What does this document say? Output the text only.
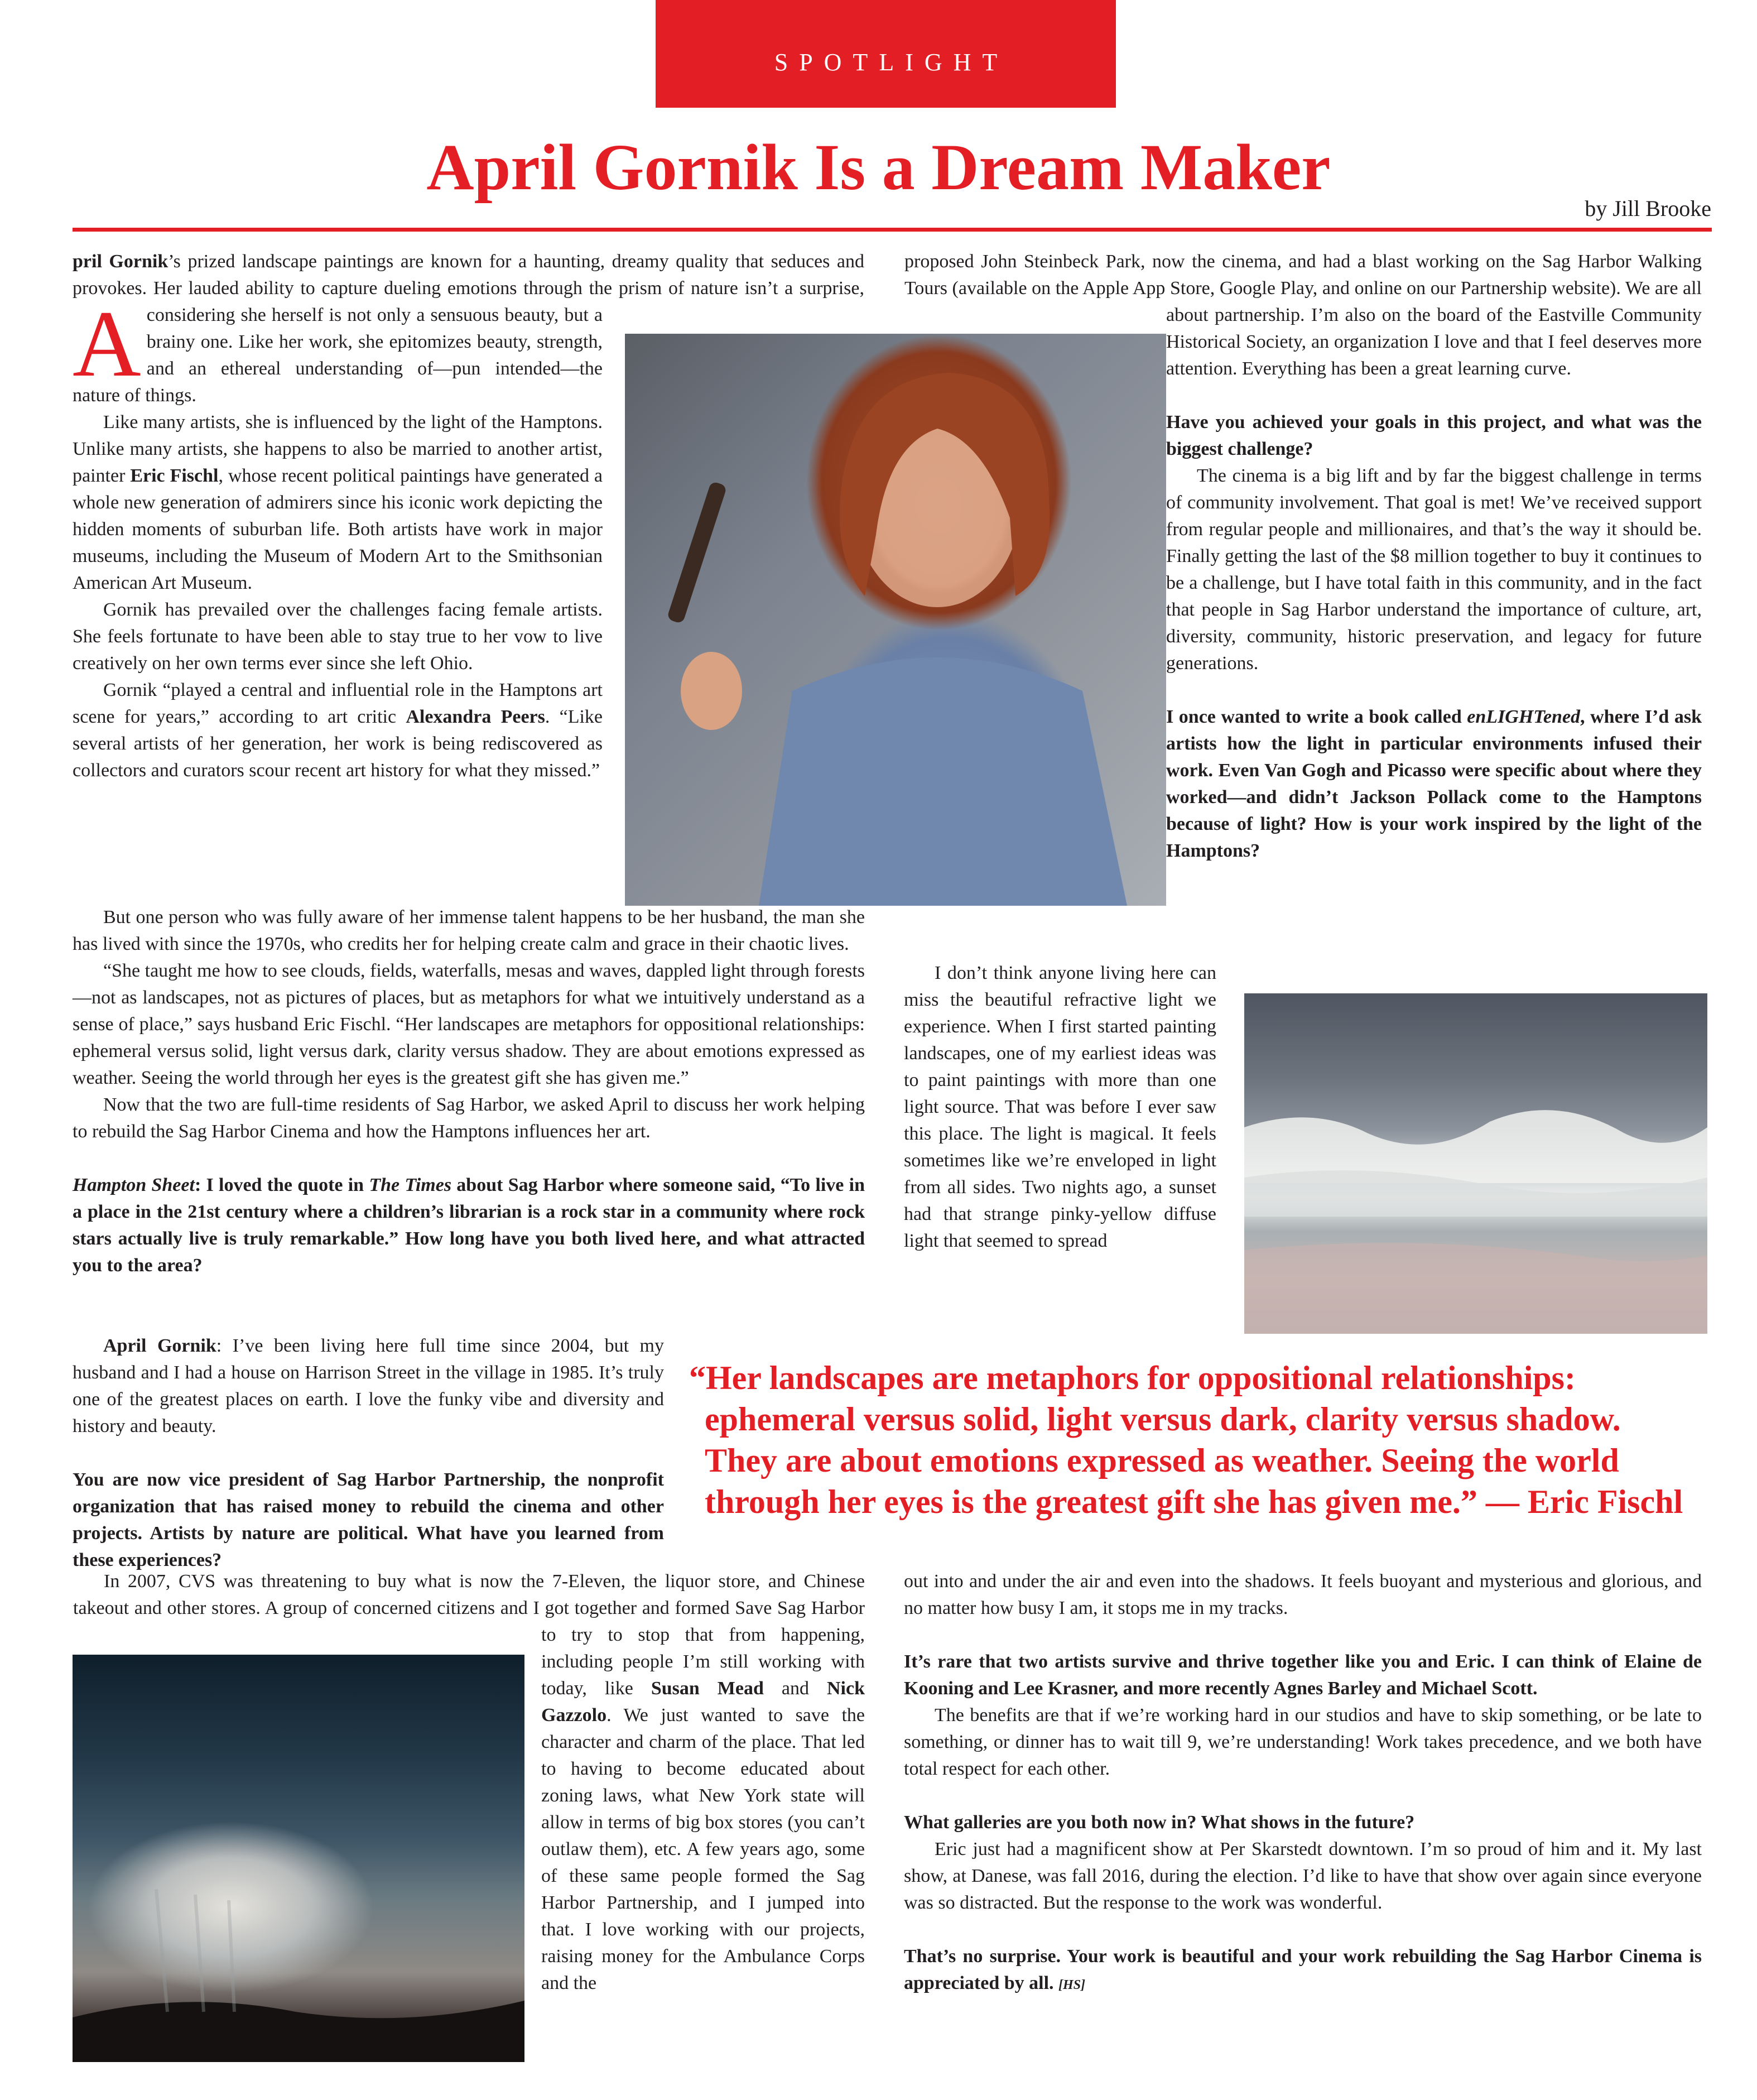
SPOTLIGHT
April Gornik Is a Dream Maker
by Jill Brooke

A
pril Gornik’s prized landscape paintings are known for a haunting, dreamy quality that seduces and provokes. Her lauded ability to capture dueling emotions through the prism of nature isn’t a surprise, considering she herself is not only a sensuous beauty, but a brainy one. Like her work, she epitomizes beauty, strength, and an ethereal understanding of—pun intended—the nature of things.

Like many artists, she is influenced by the light of the Hamptons. Unlike many artists, she happens to also be married to another artist, painter Eric Fischl, whose recent political paintings have generated a whole new generation of admirers since his iconic work depicting the hidden moments of suburban life. Both artists have work in major museums, including the Museum of Modern Art to the Smithsonian American Art Museum.

Gornik has prevailed over the challenges facing female artists. She feels fortunate to have been able to stay true to her vow to live creatively on her own terms ever since she left Ohio.

Gornik “played a central and influential role in the Hamptons art scene for years,” according to art critic Alexandra Peers. “Like several artists of her generation, her work is being rediscovered as collectors and curators scour recent art history for what they missed.”

But one person who was fully aware of her immense talent happens to be her husband, the man she has lived with since the 1970s, who credits her for helping create calm and grace in their chaotic lives.

“She taught me how to see clouds, fields, waterfalls, mesas and waves, dappled light through forests—not as landscapes, not as pictures of places, but as metaphors for what we intuitively understand as a sense of place,” says husband Eric Fischl. “Her landscapes are metaphors for oppositional relationships: ephemeral versus solid, light versus dark, clarity versus shadow. They are about emotions expressed as weather. Seeing the world through her eyes is the greatest gift she has given me.”

Now that the two are full-time residents of Sag Harbor, we asked April to discuss her work helping to rebuild the Sag Harbor Cinema and how the Hamptons influences her art.

Hampton Sheet: I loved the quote in The Times about Sag Harbor where someone said, “To live in a place in the 21st century where a children’s librarian is a rock star in a community where rock stars actually live is truly remarkable.” How long have you both lived here, and what attracted you to the area?

April Gornik: I’ve been living here full time since 2004, but my husband and I had a house on Harrison Street in the village in 1985. It’s truly one of the greatest places on earth. I love the funky vibe and diversity and history and beauty.

You are now vice president of Sag Harbor Partnership, the nonprofit organization that has raised money to rebuild the cinema and other projects. Artists by nature are political. What have you learned from these experiences?

proposed John Steinbeck Park, now the cinema, and had a blast working on the Sag Harbor Walking Tours (available on the Apple App Store, Google Play, and online on our Partnership website). We are all about partnership. I’m also on the board of the Eastville Community Historical Society, an organization I love and that I feel deserves more attention. Everything has been a great learning curve.

Have you achieved your goals in this project, and what was the biggest challenge?

The cinema is a big lift and by far the biggest challenge in terms of community involvement. That goal is met! We’ve received support from regular people and millionaires, and that’s the way it should be. Finally getting the last of the $8 million together to buy it continues to be a challenge, but I have total faith in this community, and in the fact that people in Sag Harbor understand the importance of culture, art, diversity, community, historic preservation, and legacy for future generations.

I once wanted to write a book called enLIGHTened, where I’d ask artists how the light in particular environments infused their work. Even Van Gogh and Picasso were specific about where they worked—and didn’t Jackson Pollack come to the Hamptons because of light? How is your work inspired by the light of the Hamptons?

I don’t think anyone living here can miss the beautiful refractive light we experience. When I first started painting landscapes, one of my earliest ideas was to paint paintings with more than one light source. That was before I ever saw this place. The light is magical. It feels sometimes like we’re enveloped in light from all sides. Two nights ago, a sunset had that strange pinky-yellow diffuse light that seemed to spread

“Her landscapes are metaphors for oppositional relationships:
ephemeral versus solid, light versus dark, clarity versus shadow.
They are about emotions expressed as weather. Seeing the world
through her eyes is the greatest gift she has given me.” — Eric Fischl

In 2007, CVS was threatening to buy what is now the 7-Eleven, the liquor store, and Chinese takeout and other stores. A group of concerned citizens and I got together and formed Save Sag Harbor to try to stop that from happening, including people I’m still working with today, like Susan Mead and Nick Gazzolo. We just wanted to save the character and charm of the place. That led to having to become educated about zoning laws, what New York state will allow in terms of big box stores (you can’t outlaw them), etc. A few years ago, some of these same people formed the Sag Harbor Partnership, and I jumped into that. I love working with our projects, raising money for the Ambulance Corps and the

out into and under the air and even into the shadows. It feels buoyant and mysterious and glorious, and no matter how busy I am, it stops me in my tracks.

It’s rare that two artists survive and thrive together like you and Eric. I can think of Elaine de Kooning and Lee Krasner, and more recently Agnes Barley and Michael Scott.

The benefits are that if we’re working hard in our studios and have to skip something, or be late to something, or dinner has to wait till 9, we’re understanding! Work takes precedence, and we both have total respect for each other.

What galleries are you both now in? What shows in the future?

Eric just had a magnificent show at Per Skarstedt downtown. I’m so proud of him and it. My last show, at Danese, was fall 2016, during the election. I’d like to have that show over again since everyone was so distracted. But the response to the work was wonderful.

That’s no surprise. Your work is beautiful and your work rebuilding the Sag Harbor Cinema is appreciated by all. [HS]
